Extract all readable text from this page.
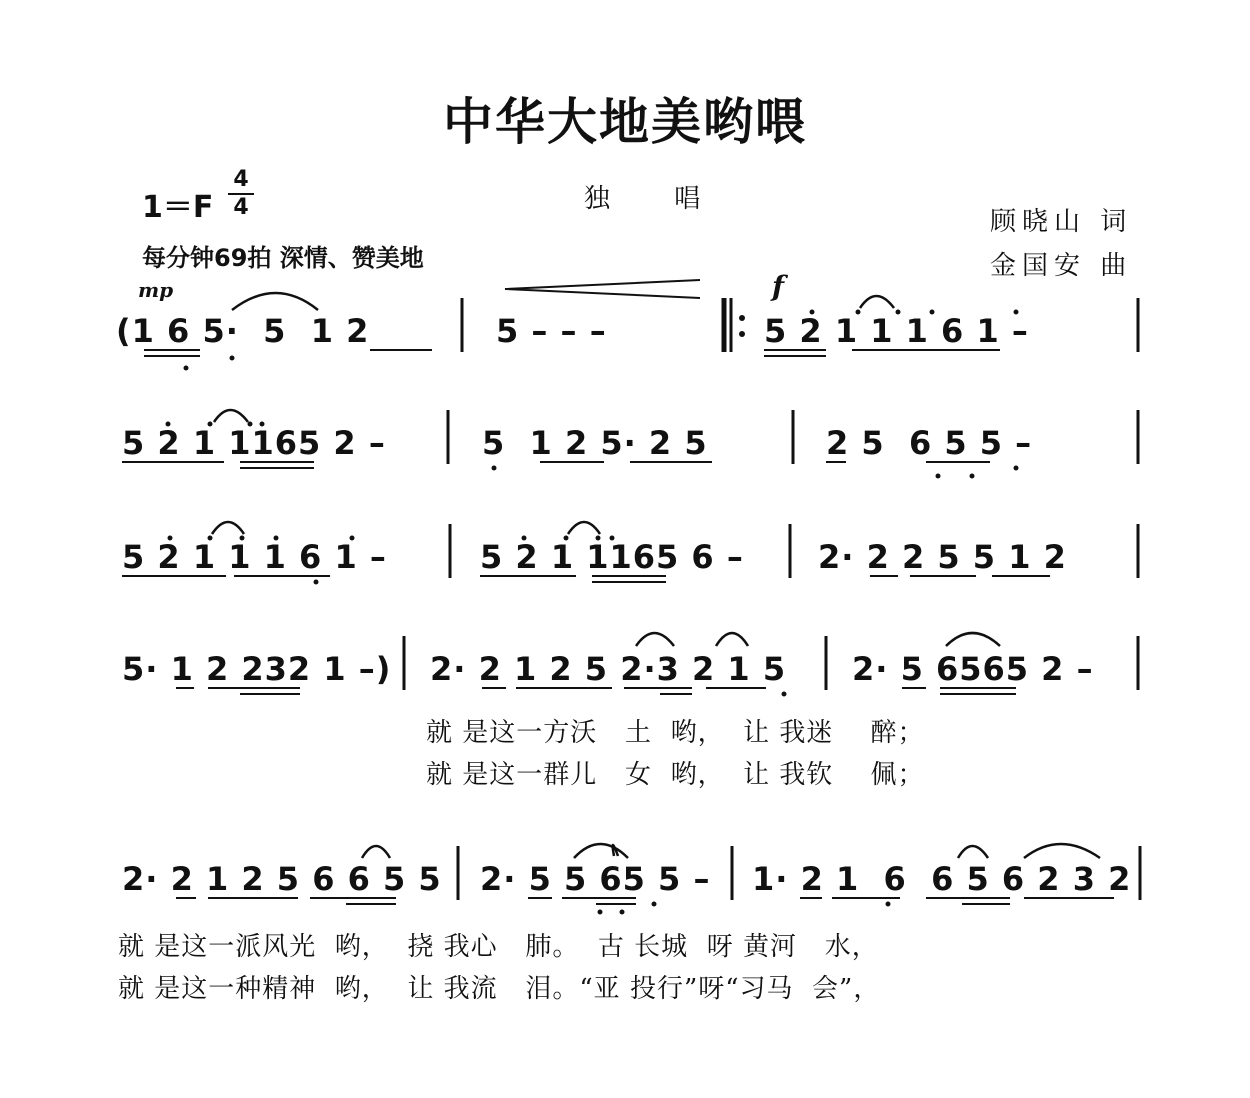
中华大地美哟喂
1＝F
4
4	独 唱
顾晓山 词
金国安 曲
每分钟69拍 深情、赞美地
mp	f
(1 6 5·  5  1 2	5 – – –	5 2 1 1 1 6 1 –
5 2 1 1165 2 –	5  1 2 5· 2 5	2 5  6 5 5 –
5 2 1 1 1 6 1 –	5 2 1 1165 6 – 2· 2 2 5 5 1 2
5· 1 2 232 1 –) 2· 2 1 2 5 2·3 2 1 5 2· 5 6565 2 –
就 是这一方沃   土  哟，  让 我迷    醉；
就 是这一群儿   女  哟，  让 我钦    佩；
2· 2 1 2 5 6 6 5 5 2· 5 5 65 5 – 1· 2 1  6  6 5 6 2 3 2
就 是这一派风光  哟，  挠 我心   肺。  古 长城  呀 黄河   水，
就 是这一种精神  哟，  让 我流   泪。“亚 投行”呀“习马  会”，
